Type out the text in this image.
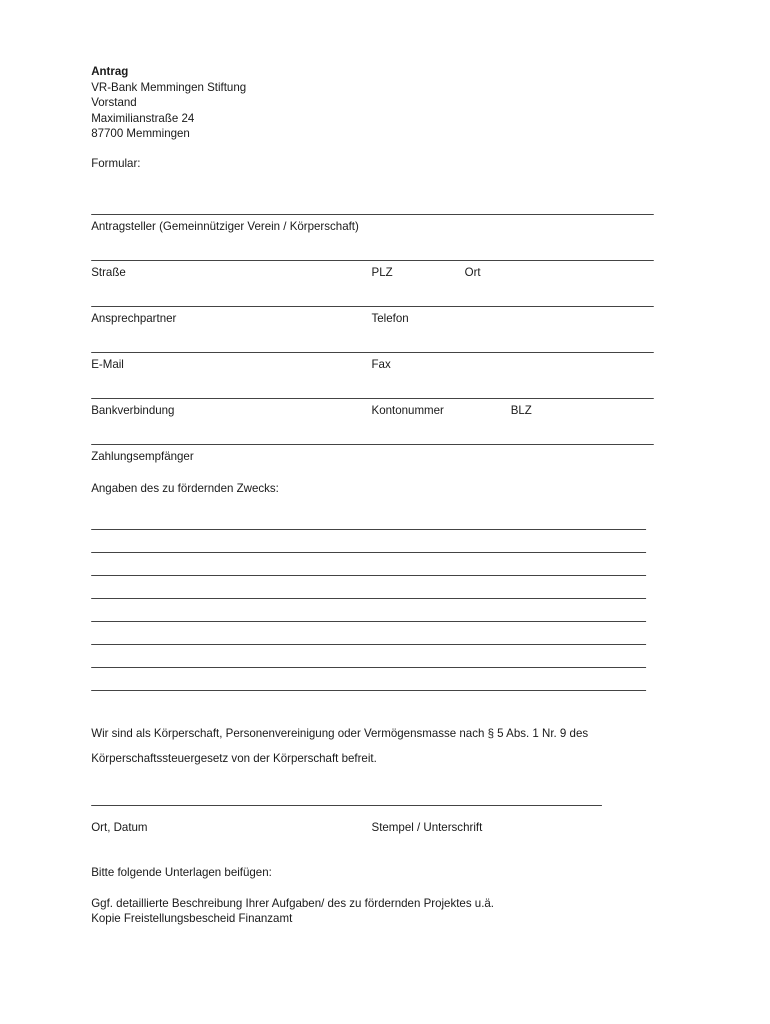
Antrag
VR-Bank Memmingen Stiftung
Vorstand
Maximilianstraße 24
87700 Memmingen
Formular:
Antragsteller (Gemeinnütziger Verein / Körperschaft)
Straße	PLZ	Ort
Ansprechpartner	Telefon
E-Mail	Fax
Bankverbindung	Kontonummer	BLZ
Zahlungsempfänger
Angaben des zu fördernden Zwecks:
Wir sind als Körperschaft, Personenvereinigung oder Vermögensmasse nach § 5 Abs. 1 Nr. 9 des
Körperschaftssteuergesetz von der Körperschaft befreit.
Ort, Datum	Stempel / Unterschrift
Bitte folgende Unterlagen beifügen:
Ggf. detaillierte Beschreibung Ihrer Aufgaben/ des zu fördernden Projektes u.ä.
Kopie Freistellungsbescheid Finanzamt
